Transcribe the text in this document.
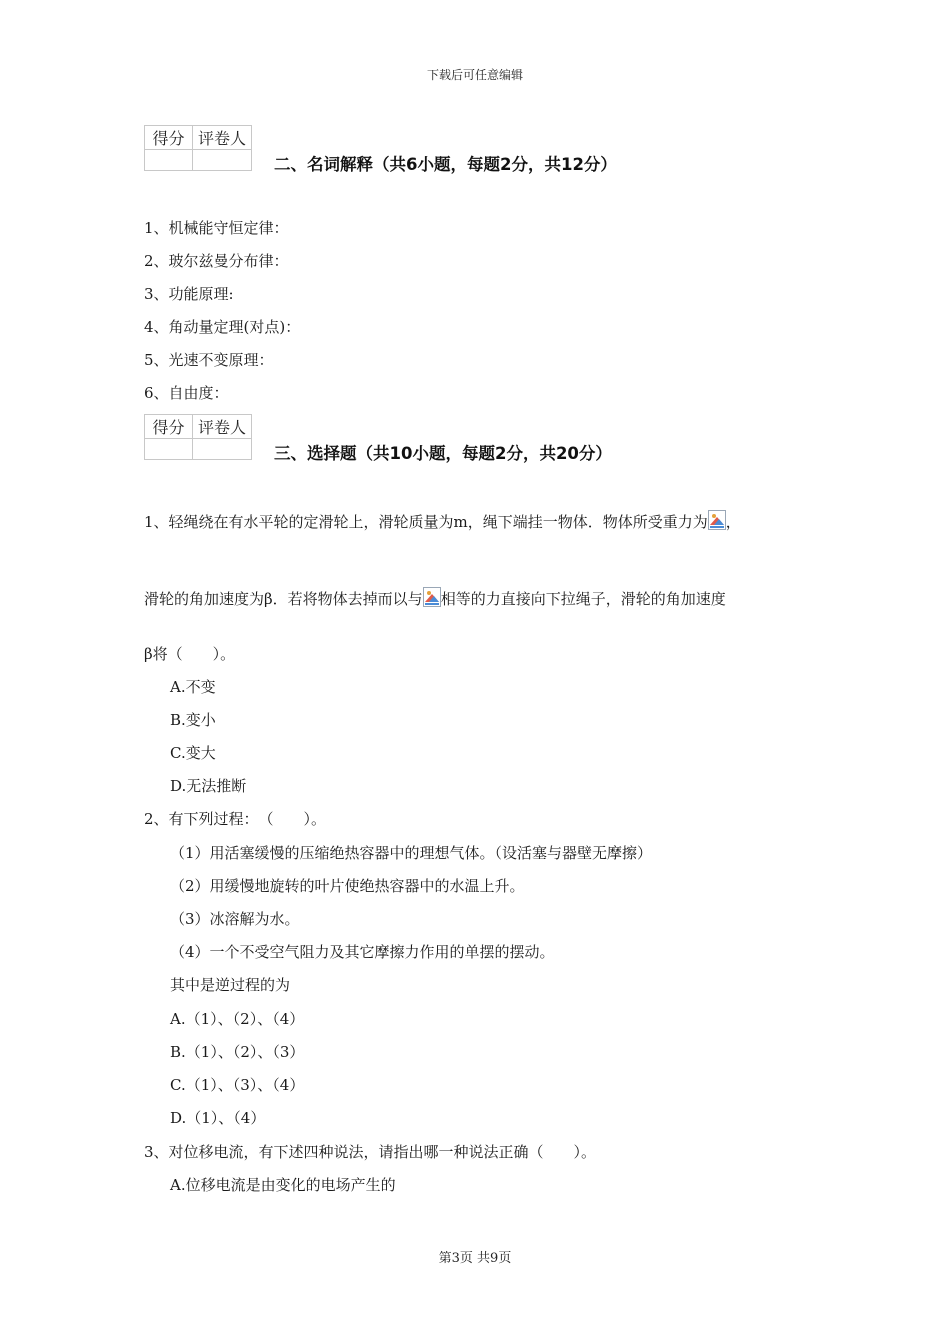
下载后可任意编辑
得分	评卷人

二、名词解释（共6小题，每题2分，共12分）
1、机械能守恒定律：
2、玻尔兹曼分布律：
3、功能原理:
4、角动量定理(对点)：
5、光速不变原理：
6、自由度：
得分	评卷人

三、选择题（共10小题，每题2分，共20分）
1、轻绳绕在有水平轮的定滑轮上，滑轮质量为m，绳下端挂一物体．物体所受重力为 ，
滑轮的角加速度为β．若将物体去掉而以与 相等的力直接向下拉绳子，滑轮的角加速度
β将（　　）。
A.不变
B.变小
C.变大
D.无法推断
2、有下列过程：　（　　）。
（1）用活塞缓慢的压缩绝热容器中的理想气体。（设活塞与器壁无摩擦）
（2）用缓慢地旋转的叶片使绝热容器中的水温上升。
（3）冰溶解为水。
（4）一个不受空气阻力及其它摩擦力作用的单摆的摆动。
其中是逆过程的为
A.（1）、（2）、（4）
B.（1）、（2）、（3）
C.（1）、（3）、（4）
D.（1）、（4）
3、对位移电流，有下述四种说法，请指出哪一种说法正确（　　）。
A.位移电流是由变化的电场产生的
第3页 共9页
